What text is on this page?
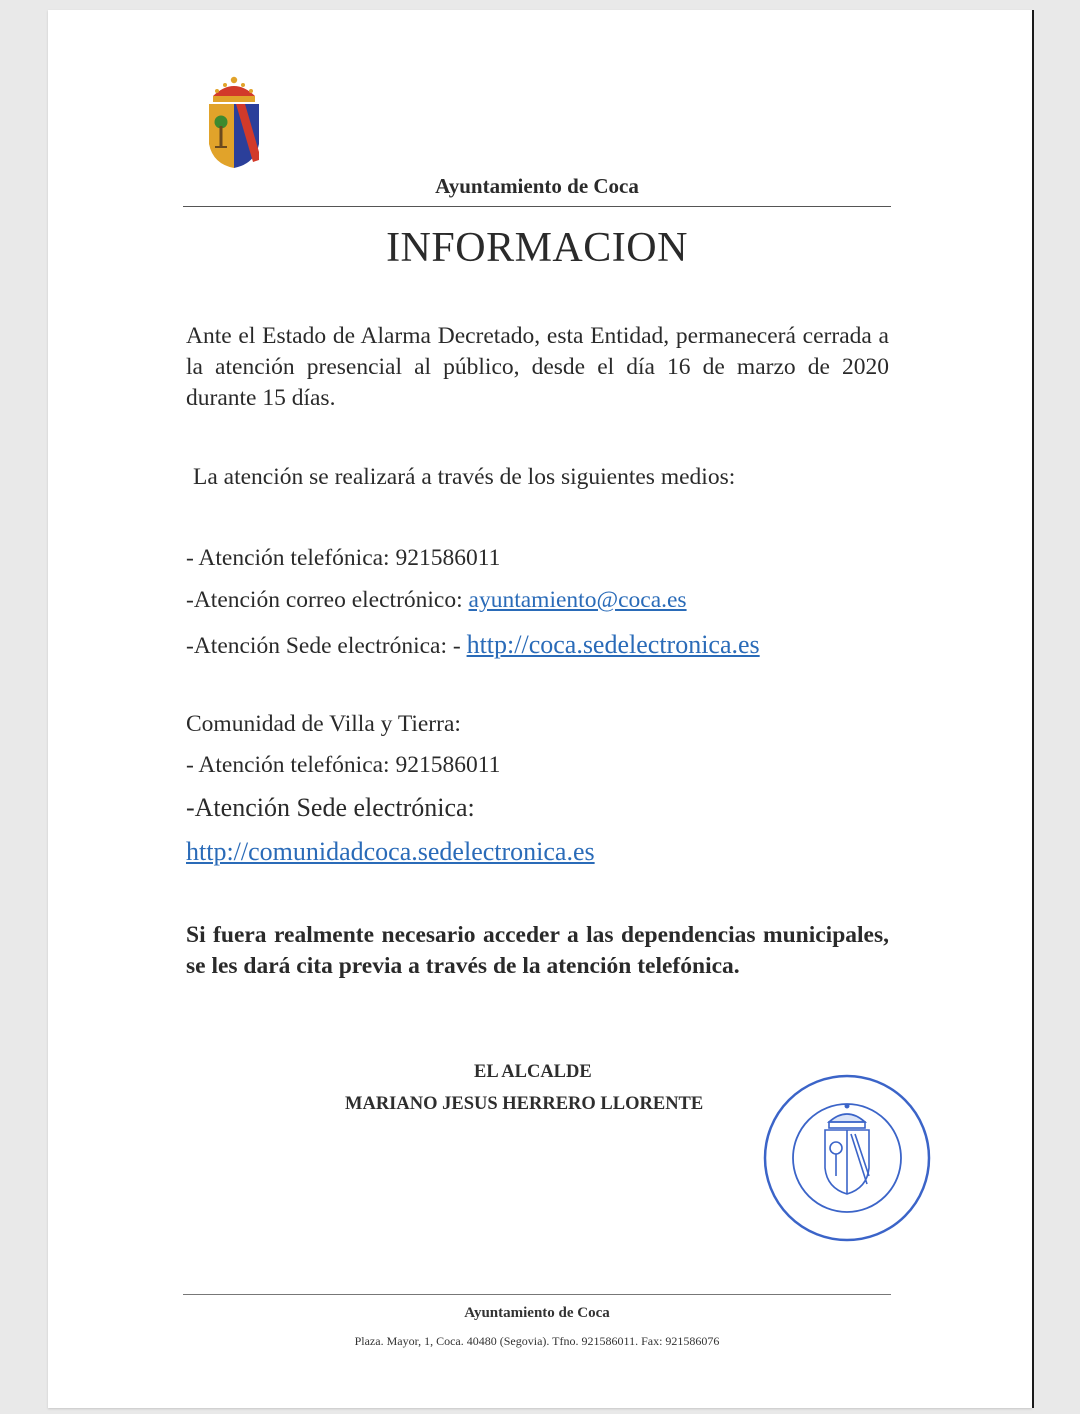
Ayuntamiento de Coca
INFORMACION
Ante el Estado de Alarma Decretado, esta Entidad, permanecerá cerrada a la atención presencial al público, desde el día 16 de marzo de 2020 durante 15 días.
La atención se realizará a través de los siguientes medios:
- Atención telefónica: 921586011
-Atención correo electrónico: ayuntamiento@coca.es
-Atención Sede electrónica: - http://coca.sedelectronica.es
Comunidad de Villa y Tierra:
- Atención telefónica: 921586011
-Atención Sede electrónica:
http://comunidadcoca.sedelectronica.es
Si fuera realmente necesario acceder a las dependencias municipales, se les dará cita previa a través de la atención telefónica.
EL ALCALDE
MARIANO JESUS HERRERO LLORENTE
Ayuntamiento de Coca
Plaza. Mayor, 1, Coca. 40480 (Segovia). Tfno. 921586011. Fax: 921586076
